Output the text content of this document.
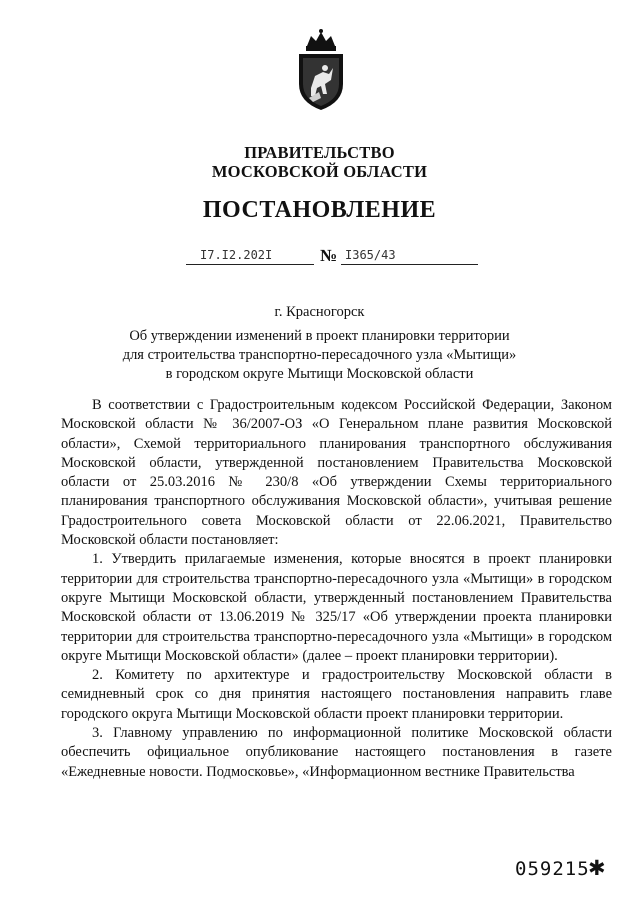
ПРАВИТЕЛЬСТВО
МОСКОВСКОЙ ОБЛАСТИ
ПОСТАНОВЛЕНИЕ
I7.I2.202I	№ I365/43
г. Красногорск
Об утверждении изменений в проект планировки территории
для строительства транспортно-пересадочного узла «Мытищи»
в городском округе Мытищи Московской области

В соответствии с Градостроительным кодексом Российской Федерации, Законом Московской области № 36/2007-ОЗ «О Генеральном плане развития Московской области», Схемой территориального планирования транспортного обслуживания Московской области, утвержденной постановлением Правительства Московской области от 25.03.2016 № 230/8 «Об утверждении Схемы территориального планирования транспортного обслуживания Московской области», учитывая решение Градостроительного совета Московской области от 22.06.2021, Правительство Московской области постановляет:

1. Утвердить прилагаемые изменения, которые вносятся в проект планировки территории для строительства транспортно-пересадочного узла «Мытищи» в городском округе Мытищи Московской области, утвержденный постановлением Правительства Московской области от 13.06.2019 № 325/17 «Об утверждении проекта планировки территории для строительства транспортно-пересадочного узла «Мытищи» в городском округе Мытищи Московской области» (далее – проект планировки территории).

2. Комитету по архитектуре и градостроительству Московской области в семидневный срок со дня принятия настоящего постановления направить главе городского округа Мытищи Московской области проект планировки территории.

3. Главному управлению по информационной политике Московской области обеспечить официальное опубликование настоящего постановления в газете «Ежедневные новости. Подмосковье», «Информационном вестнике Правительства

059215
✱
